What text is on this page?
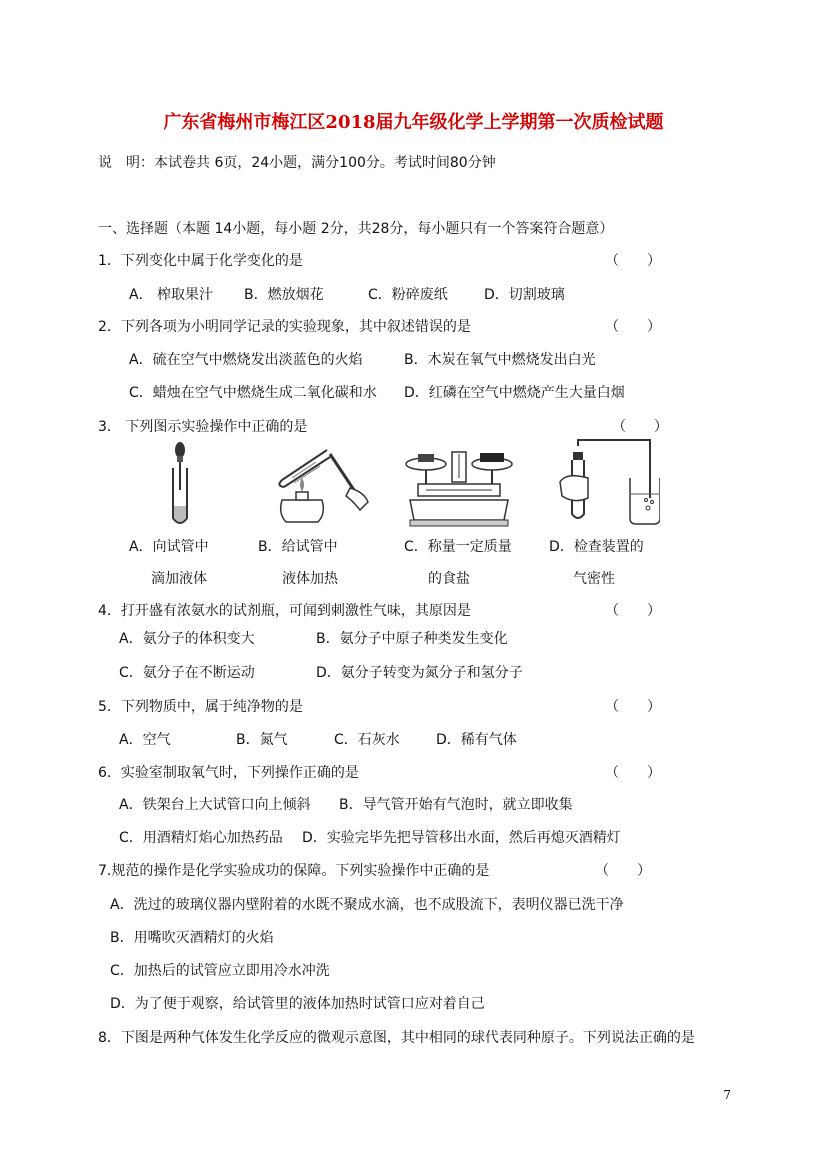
广东省梅州市梅江区2018届九年级化学上学期第一次质检试题
说　明：本试卷共 6页，24小题，满分100分。考试时间80分钟
一、选择题（本题 14小题，每小题 2分，共28分，每小题只有一个答案符合题意）
1．下列变化中属于化学变化的是	（　　）
A． 榨取果汁 B．燃放烟花	C．粉碎废纸	D．切割玻璃
2．下列各项为小明同学记录的实验现象，其中叙述错误的是	（　　）
A．硫在空气中燃烧发出淡蓝色的火焰	B．木炭在氧气中燃烧发出白光
C．蜡烛在空气中燃烧生成二氧化碳和水 D．红磷在空气中燃烧产生大量白烟
3． 下列图示实验操作中正确的是	（　　）
A．向试管中
滴加液体
B．给试管中
液体加热
C．称量一定质量
的食盐
D．检查装置的
气密性
4．打开盛有浓氨水的试剂瓶，可闻到刺激性气味，其原因是	（　　）
A．氨分子的体积变大	B．氨分子中原子种类发生变化
C．氨分子在不断运动	D．氨分子转变为氮分子和氢分子
5．下列物质中，属于纯净物的是	（　　）
A．空气	B．氮气	C．石灰水	D．稀有气体
6．实验室制取氧气时，下列操作正确的是	（　　）
A．铁架台上大试管口向上倾斜 B．导气管开始有气泡时，就立即收集
C．用酒精灯焰心加热药品 D．实验完毕先把导管移出水面，然后再熄灭酒精灯
7.规范的操作是化学实验成功的保障。下列实验操作中正确的是	（　　）
A．洗过的玻璃仪器内壁附着的水既不聚成水滴，也不成股流下，表明仪器已洗干净
B．用嘴吹灭酒精灯的火焰
C．加热后的试管应立即用冷水冲洗
D．为了便于观察，给试管里的液体加热时试管口应对着自己
8．下图是两种气体发生化学反应的微观示意图，其中相同的球代表同种原子。下列说法正确的是
7
